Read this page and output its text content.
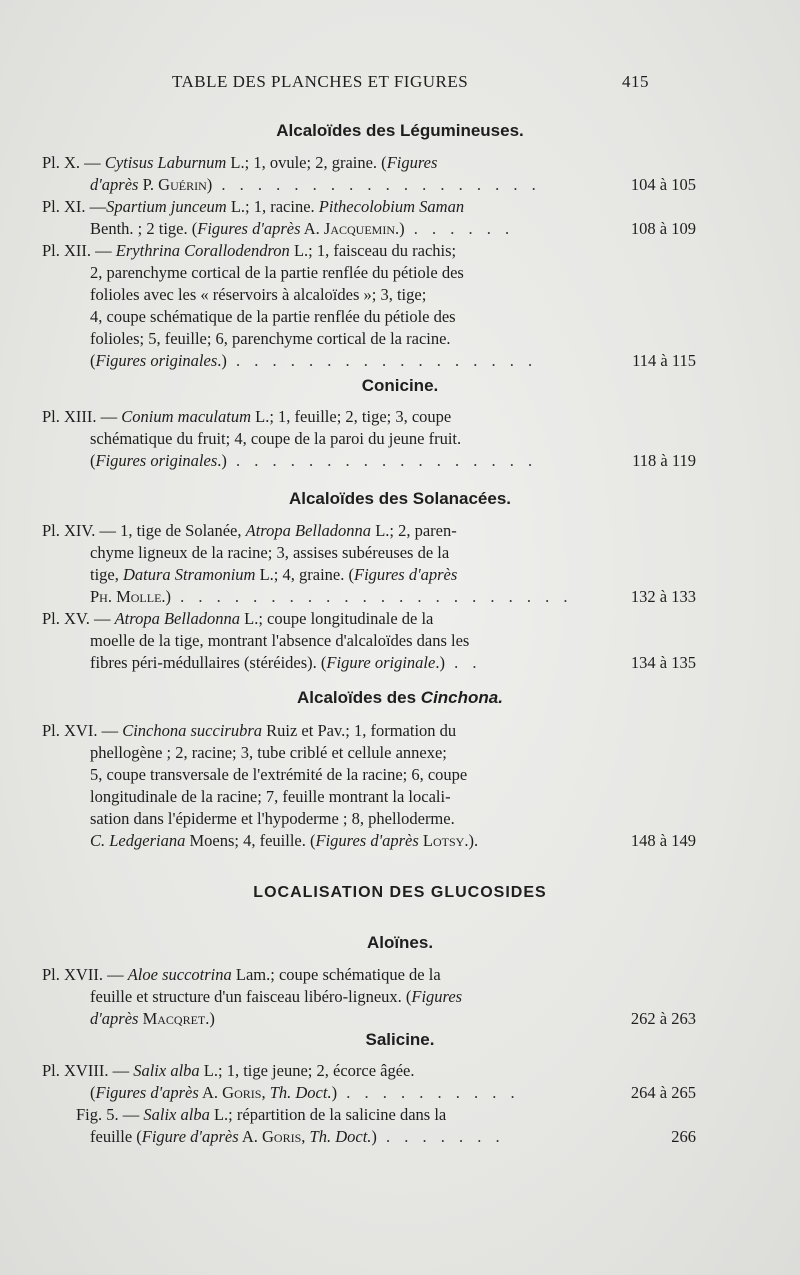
TABLE DES PLANCHES ET FIGURES	415
Alcaloïdes des Légumineuses.
Pl. X. — Cytisus Laburnum L.; 1, ovule; 2, graine. (Figures
d'après P. Guérin) . . . . . . . . . . . . . . . . . .	104 à 105
Pl. XI. —Spartium junceum L.; 1, racine. Pithecolobium Saman
Benth. ; 2 tige. (Figures d'après A. Jacquemin.) . . . . . .	108 à 109
Pl. XII. — Erythrina Corallodendron L.; 1, faisceau du rachis;
2, parenchyme cortical de la partie renflée du pétiole des
folioles avec les « réservoirs à alcaloïdes »; 3, tige;
4, coupe schématique de la partie renflée du pétiole des
folioles; 5, feuille; 6, parenchyme cortical de la racine.
(Figures originales.) . . . . . . . . . . . . . . . . .	114 à 115
Conicine.
Pl. XIII. — Conium maculatum L.; 1, feuille; 2, tige; 3, coupe
schématique du fruit; 4, coupe de la paroi du jeune fruit.
(Figures originales.) . . . . . . . . . . . . . . . . .	118 à 119
Alcaloïdes des Solanacées.
Pl. XIV. — 1, tige de Solanée, Atropa Belladonna L.; 2, paren-
chyme ligneux de la racine; 3, assises subéreuses de la
tige, Datura Stramonium L.; 4, graine. (Figures d'après
Ph. Molle.) . . . . . . . . . . . . . . . . . . . . . .	132 à 133
Pl. XV. — Atropa Belladonna L.; coupe longitudinale de la
moelle de la tige, montrant l'absence d'alcaloïdes dans les
fibres péri-médullaires (stéréides). (Figure originale.) . .	134 à 135
Alcaloïdes des Cinchona.
Pl. XVI. — Cinchona succirubra Ruiz et Pav.; 1, formation du
phellogène ; 2, racine; 3, tube criblé et cellule annexe;
5, coupe transversale de l'extrémité de la racine; 6, coupe
longitudinale de la racine; 7, feuille montrant la locali-
sation dans l'épiderme et l'hypoderme ; 8, phelloderme.
C. Ledgeriana Moens; 4, feuille. (Figures d'après Lotsy.).	148 à 149
LOCALISATION DES GLUCOSIDES
Aloïnes.
Pl. XVII. — Aloe succotrina Lam.; coupe schématique de la
feuille et structure d'un faisceau libéro-ligneux. (Figures
d'après Macqret.)	262 à 263
Salicine.
Pl. XVIII. — Salix alba L.; 1, tige jeune; 2, écorce âgée.
(Figures d'après A. Goris, Th. Doct.) . . . . . . . . . .	264 à 265
Fig. 5. — Salix alba L.; répartition de la salicine dans la
feuille (Figure d'après A. Goris, Th. Doct.) . . . . . . .	266
